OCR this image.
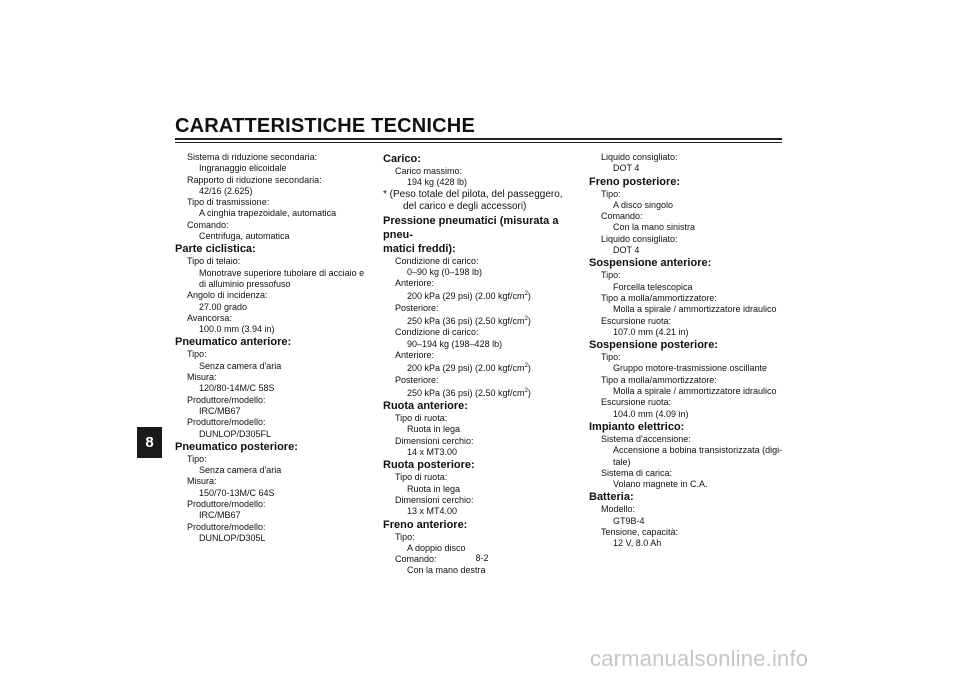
CARATTERISTICHE TECNICHE
8
Sistema di riduzione secondaria:
Ingranaggio elicoidale
Rapporto di riduzione secondaria:
42/16 (2.625)
Tipo di trasmissione:
A cinghia trapezoidale, automatica
Comando:
Centrifuga, automatica
Parte ciclistica:
Tipo di telaio:
Monotrave superiore tubolare di acciaio e
di alluminio pressofuso
Angolo di incidenza:
27.00 grado
Avancorsa:
100.0 mm (3.94 in)
Pneumatico anteriore:
Tipo:
Senza camera d'aria
Misura:
120/80-14M/C 58S
Produttore/modello:
IRC/MB67
Produttore/modello:
DUNLOP/D305FL
Pneumatico posteriore:
Tipo:
Senza camera d'aria
Misura:
150/70-13M/C 64S
Produttore/modello:
IRC/MB67
Produttore/modello:
DUNLOP/D305L
Carico:
Carico massimo:
194 kg (428 lb)
* (Peso totale del pilota, del passeggero,
del carico e degli accessori)
Pressione pneumatici (misurata a pneu-
matici freddi):
Condizione di carico:
0–90 kg (0–198 lb)
Anteriore:
200 kPa (29 psi) (2.00 kgf/$cm^2$)
Posteriore:
250 kPa (36 psi) (2.50 kgf/$cm^2$)
Condizione di carico:
90–194 kg (198–428 lb)
Anteriore:
200 kPa (29 psi) (2.00 kgf/$cm^2$)
Posteriore:
250 kPa (36 psi) (2.50 kgf/$cm^2$)
Ruota anteriore:
Tipo di ruota:
Ruota in lega
Dimensioni cerchio:
14 x MT3.00
Ruota posteriore:
Tipo di ruota:
Ruota in lega
Dimensioni cerchio:
13 x MT4.00
Freno anteriore:
Tipo:
A doppio disco
Comando:
Con la mano destra
Liquido consigliato:
DOT 4
Freno posteriore:
Tipo:
A disco singolo
Comando:
Con la mano sinistra
Liquido consigliato:
DOT 4
Sospensione anteriore:
Tipo:
Forcella telescopica
Tipo a molla/ammortizzatore:
Molla a spirale / ammortizzatore idraulico
Escursione ruota:
107.0 mm (4.21 in)
Sospensione posteriore:
Tipo:
Gruppo motore-trasmissione oscillante
Tipo a molla/ammortizzatore:
Molla a spirale / ammortizzatore idraulico
Escursione ruota:
104.0 mm (4.09 in)
Impianto elettrico:
Sistema d'accensione:
Accensione a bobina transistorizzata (digi-
tale)
Sistema di carica:
Volano magnete in C.A.
Batteria:
Modello:
GT9B-4
Tensione, capacità:
12 V, 8.0 Ah
8-2
carmanualsonline.info
